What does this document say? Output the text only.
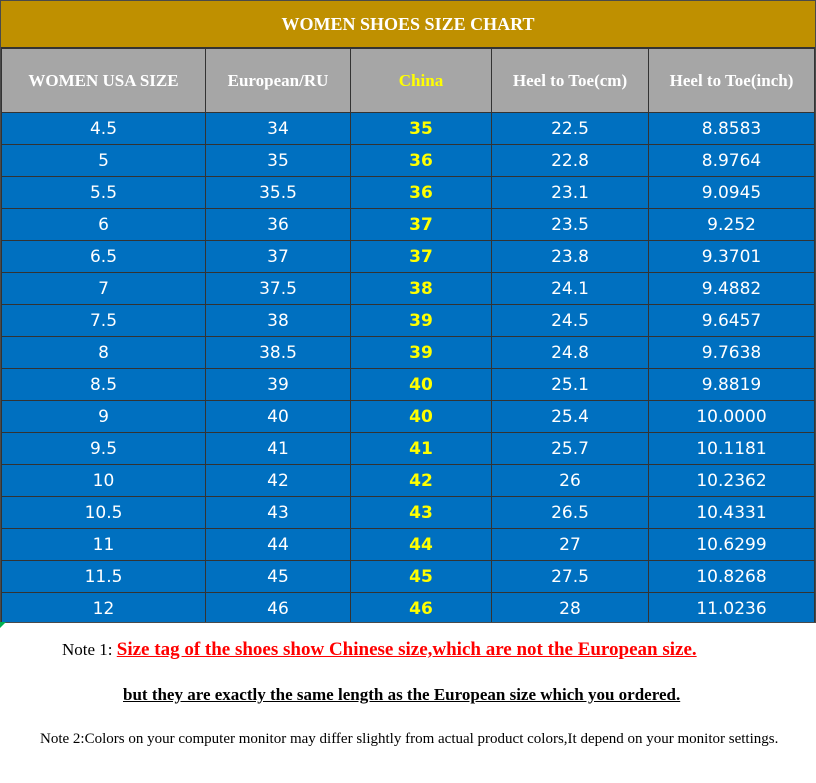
WOMEN SHOES SIZE CHART
WOMEN USA SIZE	European/RU	China	Heel to Toe(cm)	Heel to Toe(inch)
4.5	34	35	22.5	8.8583
5	35	36	22.8	8.9764
5.5	35.5	36	23.1	9.0945
6	36	37	23.5	9.252
6.5	37	37	23.8	9.3701
7	37.5	38	24.1	9.4882
7.5	38	39	24.5	9.6457
8	38.5	39	24.8	9.7638
8.5	39	40	25.1	9.8819
9	40	40	25.4	10.0000
9.5	41	41	25.7	10.1181
10	42	42	26	10.2362
10.5	43	43	26.5	10.4331
11	44	44	27	10.6299
11.5	45	45	27.5	10.8268
12	46	46	28	11.0236
Note 1: Size tag of the shoes show Chinese size,which are not the European size.
but they are exactly the same length as the European size which you ordered.
Note 2:Colors on your computer monitor may differ slightly from actual product colors,It depend on your monitor settings.
